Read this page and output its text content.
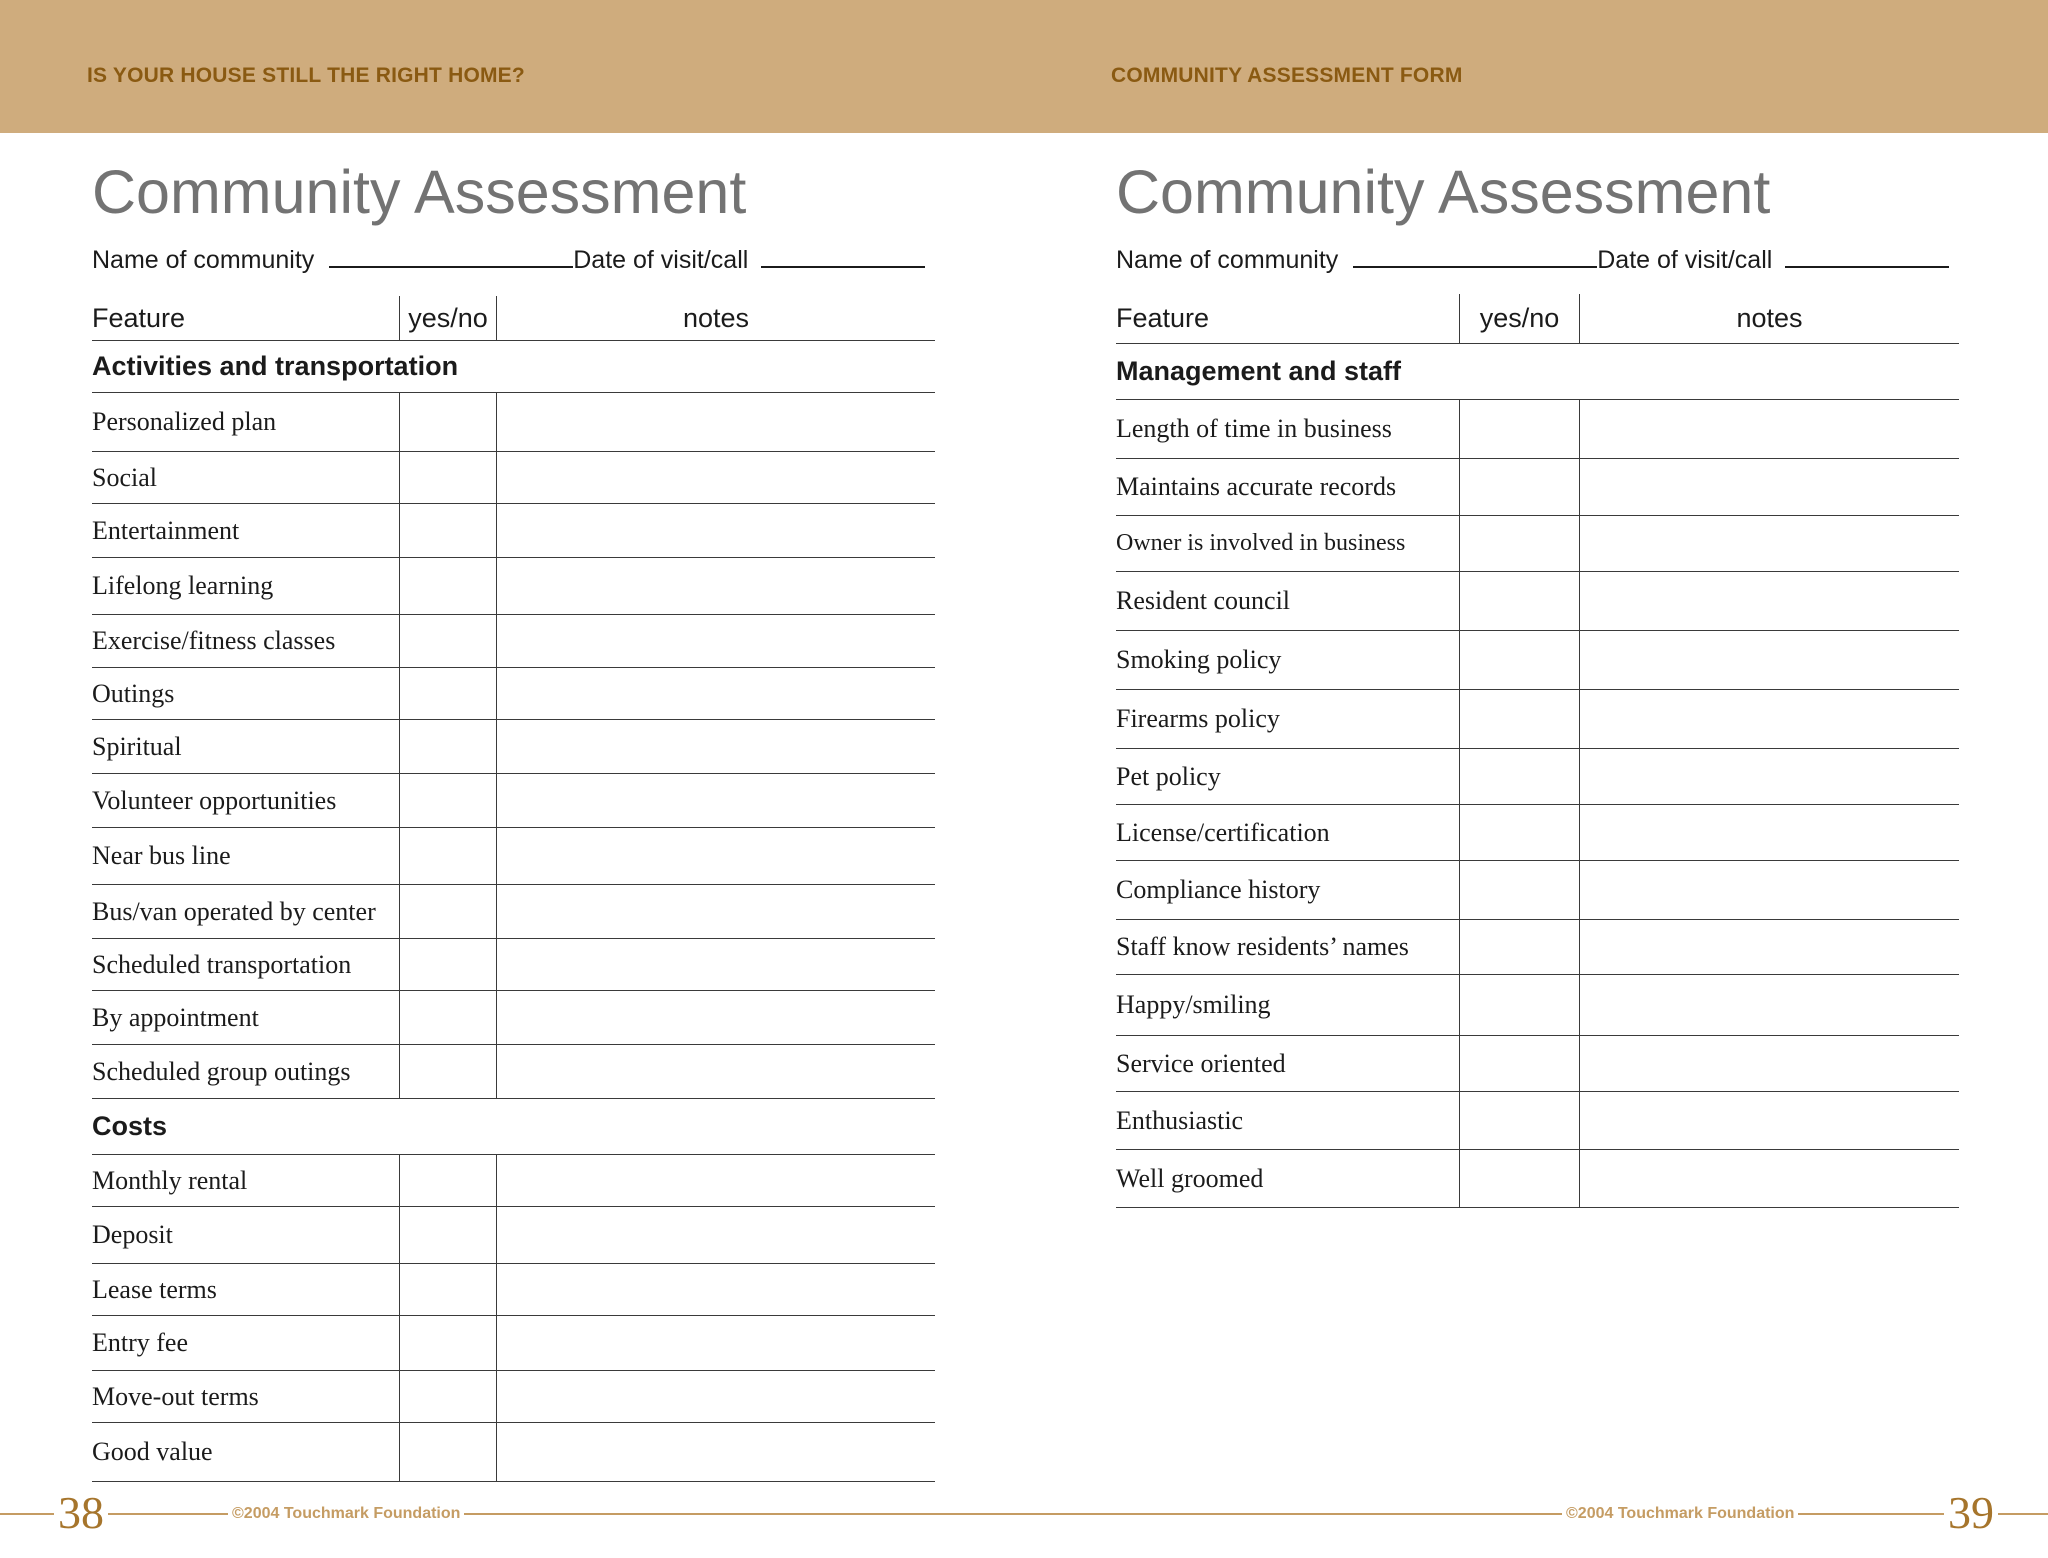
IS YOUR HOUSE STILL THE RIGHT HOME?	COMMUNITY ASSESSMENT FORM
Community Assessment
Name of community	Date of visit/call
Feature	yes/no	notes
Activities and transportation
Personalized plan
Social
Entertainment
Lifelong learning
Exercise/fitness classes
Outings
Spiritual
Volunteer opportunities
Near bus line
Bus/van operated by center
Scheduled transportation
By appointment
Scheduled group outings
Costs
Monthly rental
Deposit
Lease terms
Entry fee
Move-out terms
Good value
Community Assessment
Name of community	Date of visit/call
Feature	yes/no	notes
Management and staff
Length of time in business
Maintains accurate records
Owner is involved in business
Resident council
Smoking policy
Firearms policy
Pet policy
License/certification
Compliance history
Staff know residents’ names
Happy/smiling
Service oriented
Enthusiastic
Well groomed
38	©2004 Touchmark Foundation	©2004 Touchmark Foundation	39
